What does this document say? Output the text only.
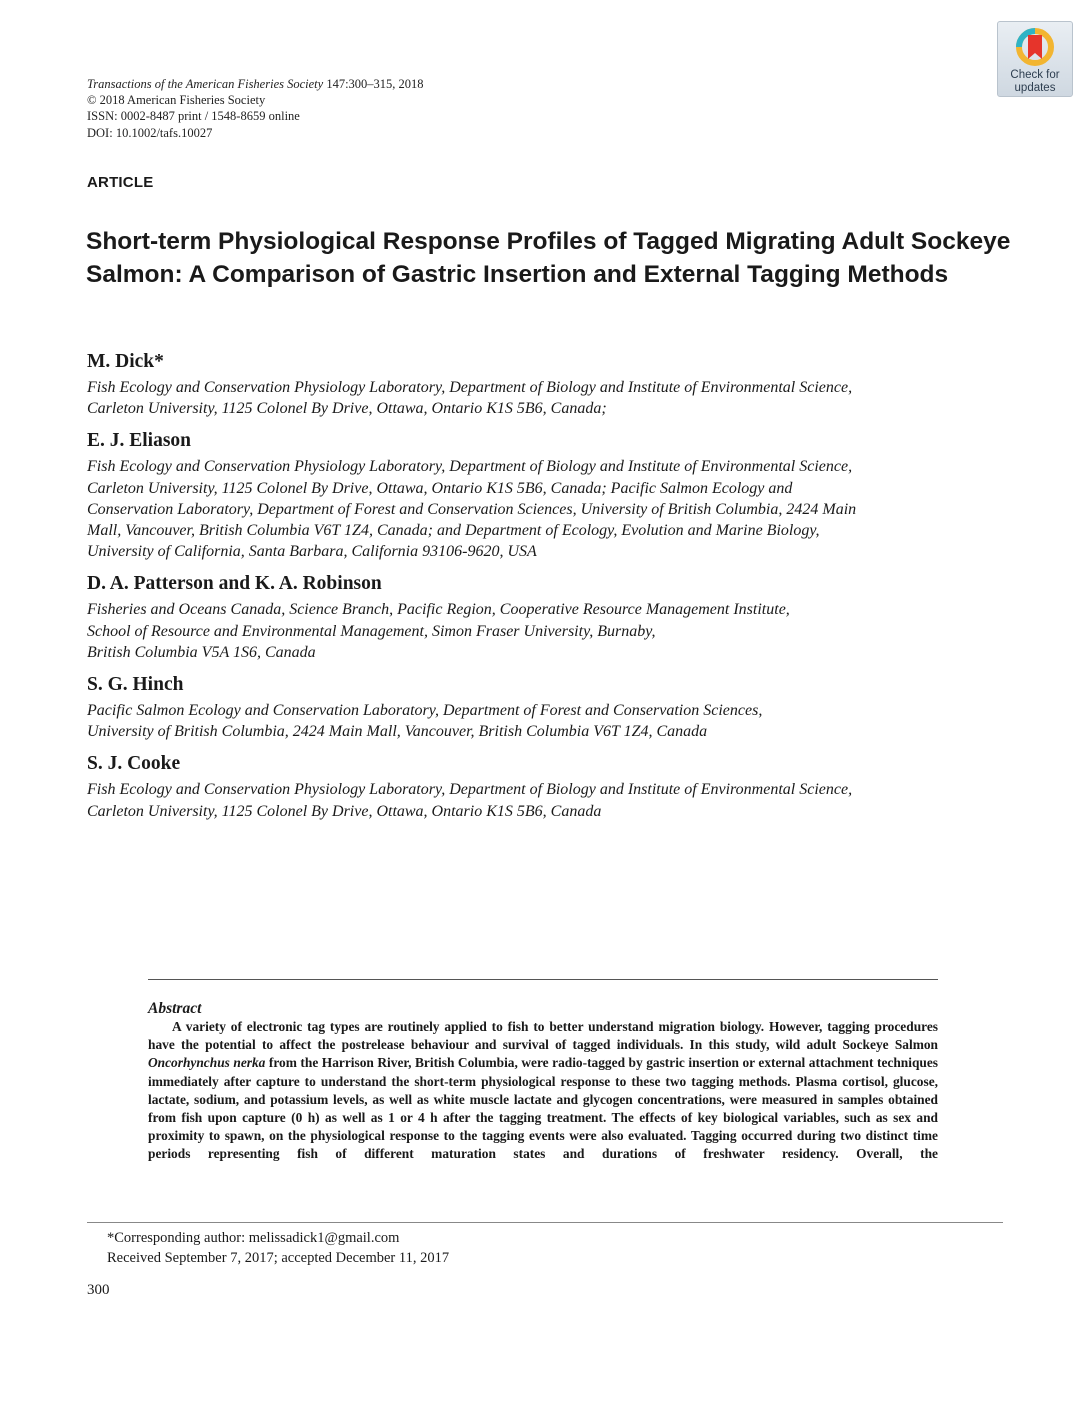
Transactions of the American Fisheries Society 147:300–315, 2018
© 2018 American Fisheries Society
ISSN: 0002-8487 print / 1548-8659 online
DOI: 10.1002/tafs.10027
Check for
updates
ARTICLE
Short-term Physiological Response Profiles of Tagged Migrating Adult Sockeye Salmon: A Comparison of Gastric Insertion and External Tagging Methods
M. Dick*
Fish Ecology and Conservation Physiology Laboratory, Department of Biology and Institute of Environmental Science,
Carleton University, 1125 Colonel By Drive, Ottawa, Ontario K1S 5B6, Canada;
E. J. Eliason
Fish Ecology and Conservation Physiology Laboratory, Department of Biology and Institute of Environmental Science,
Carleton University, 1125 Colonel By Drive, Ottawa, Ontario K1S 5B6, Canada; Pacific Salmon Ecology and
Conservation Laboratory, Department of Forest and Conservation Sciences, University of British Columbia, 2424 Main
Mall, Vancouver, British Columbia V6T 1Z4, Canada; and Department of Ecology, Evolution and Marine Biology,
University of California, Santa Barbara, California 93106-9620, USA
D. A. Patterson and K. A. Robinson
Fisheries and Oceans Canada, Science Branch, Pacific Region, Cooperative Resource Management Institute,
School of Resource and Environmental Management, Simon Fraser University, Burnaby,
British Columbia V5A 1S6, Canada
S. G. Hinch
Pacific Salmon Ecology and Conservation Laboratory, Department of Forest and Conservation Sciences,
University of British Columbia, 2424 Main Mall, Vancouver, British Columbia V6T 1Z4, Canada
S. J. Cooke
Fish Ecology and Conservation Physiology Laboratory, Department of Biology and Institute of Environmental Science,
Carleton University, 1125 Colonel By Drive, Ottawa, Ontario K1S 5B6, Canada
Abstract
A variety of electronic tag types are routinely applied to fish to better understand migration biology. However, tagging procedures have the potential to affect the postrelease behaviour and survival of tagged individuals. In this study, wild adult Sockeye Salmon Oncorhynchus nerka from the Harrison River, British Columbia, were radio-tagged by gastric insertion or external attachment techniques immediately after capture to understand the short-term physiological response to these two tagging methods. Plasma cortisol, glucose, lactate, sodium, and potassium levels, as well as white muscle lactate and glycogen concentrations, were measured in samples obtained from fish upon capture (0 h) as well as 1 or 4 h after the tagging treatment. The effects of key biological variables, such as sex and proximity to spawn, on the physiological response to the tagging events were also evaluated. Tagging occurred during two distinct time periods representing fish of different maturation states and durations of freshwater residency. Overall, the
*Corresponding author: melissadick1@gmail.com
Received September 7, 2017; accepted December 11, 2017
300
